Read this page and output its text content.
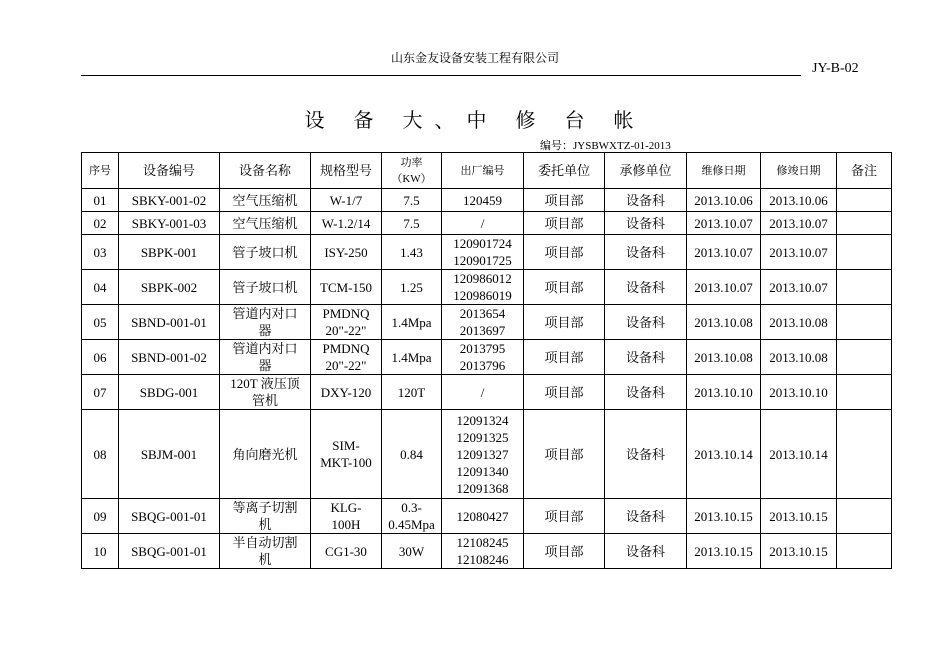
山东金友设备安装工程有限公司
JY-B-02
设 备 大、中 修 台 帐
编号：JYSBWXTZ-01-2013
序号	设备编号	设备名称	规格型号	功率
（KW）	出厂编号	委托单位	承修单位	维修日期	修竣日期	备注
01	SBKY-001-02	空气压缩机	W-1/7	7.5	120459	项目部	设备科	2013.10.06	2013.10.06	
02	SBKY-001-03	空气压缩机	W-1.2/14	7.5	/	项目部	设备科	2013.10.07	2013.10.07	
03	SBPK-001	管子坡口机	ISY-250	1.43	120901724
120901725	项目部	设备科	2013.10.07	2013.10.07	
04	SBPK-002	管子坡口机	TCM-150	1.25	120986012
120986019	项目部	设备科	2013.10.07	2013.10.07	
05	SBND-001-01	管道内对口
器	PMDNQ
20"-22"	1.4Mpa	2013654
2013697	项目部	设备科	2013.10.08	2013.10.08	
06	SBND-001-02	管道内对口
器	PMDNQ
20"-22"	1.4Mpa	2013795
2013796	项目部	设备科	2013.10.08	2013.10.08	
07	SBDG-001	120T 液压顶
管机	DXY-120	120T	/	项目部	设备科	2013.10.10	2013.10.10	
08	SBJM-001	角向磨光机	SIM-
MKT-100	0.84	12091324
12091325
12091327
12091340
12091368	项目部	设备科	2013.10.14	2013.10.14	
09	SBQG-001-01	等离子切割
机	KLG-
100H	0.3-
0.45Mpa	12080427	项目部	设备科	2013.10.15	2013.10.15	
10	SBQG-001-01	半自动切割
机	CG1-30	30W	12108245
12108246	项目部	设备科	2013.10.15	2013.10.15	
